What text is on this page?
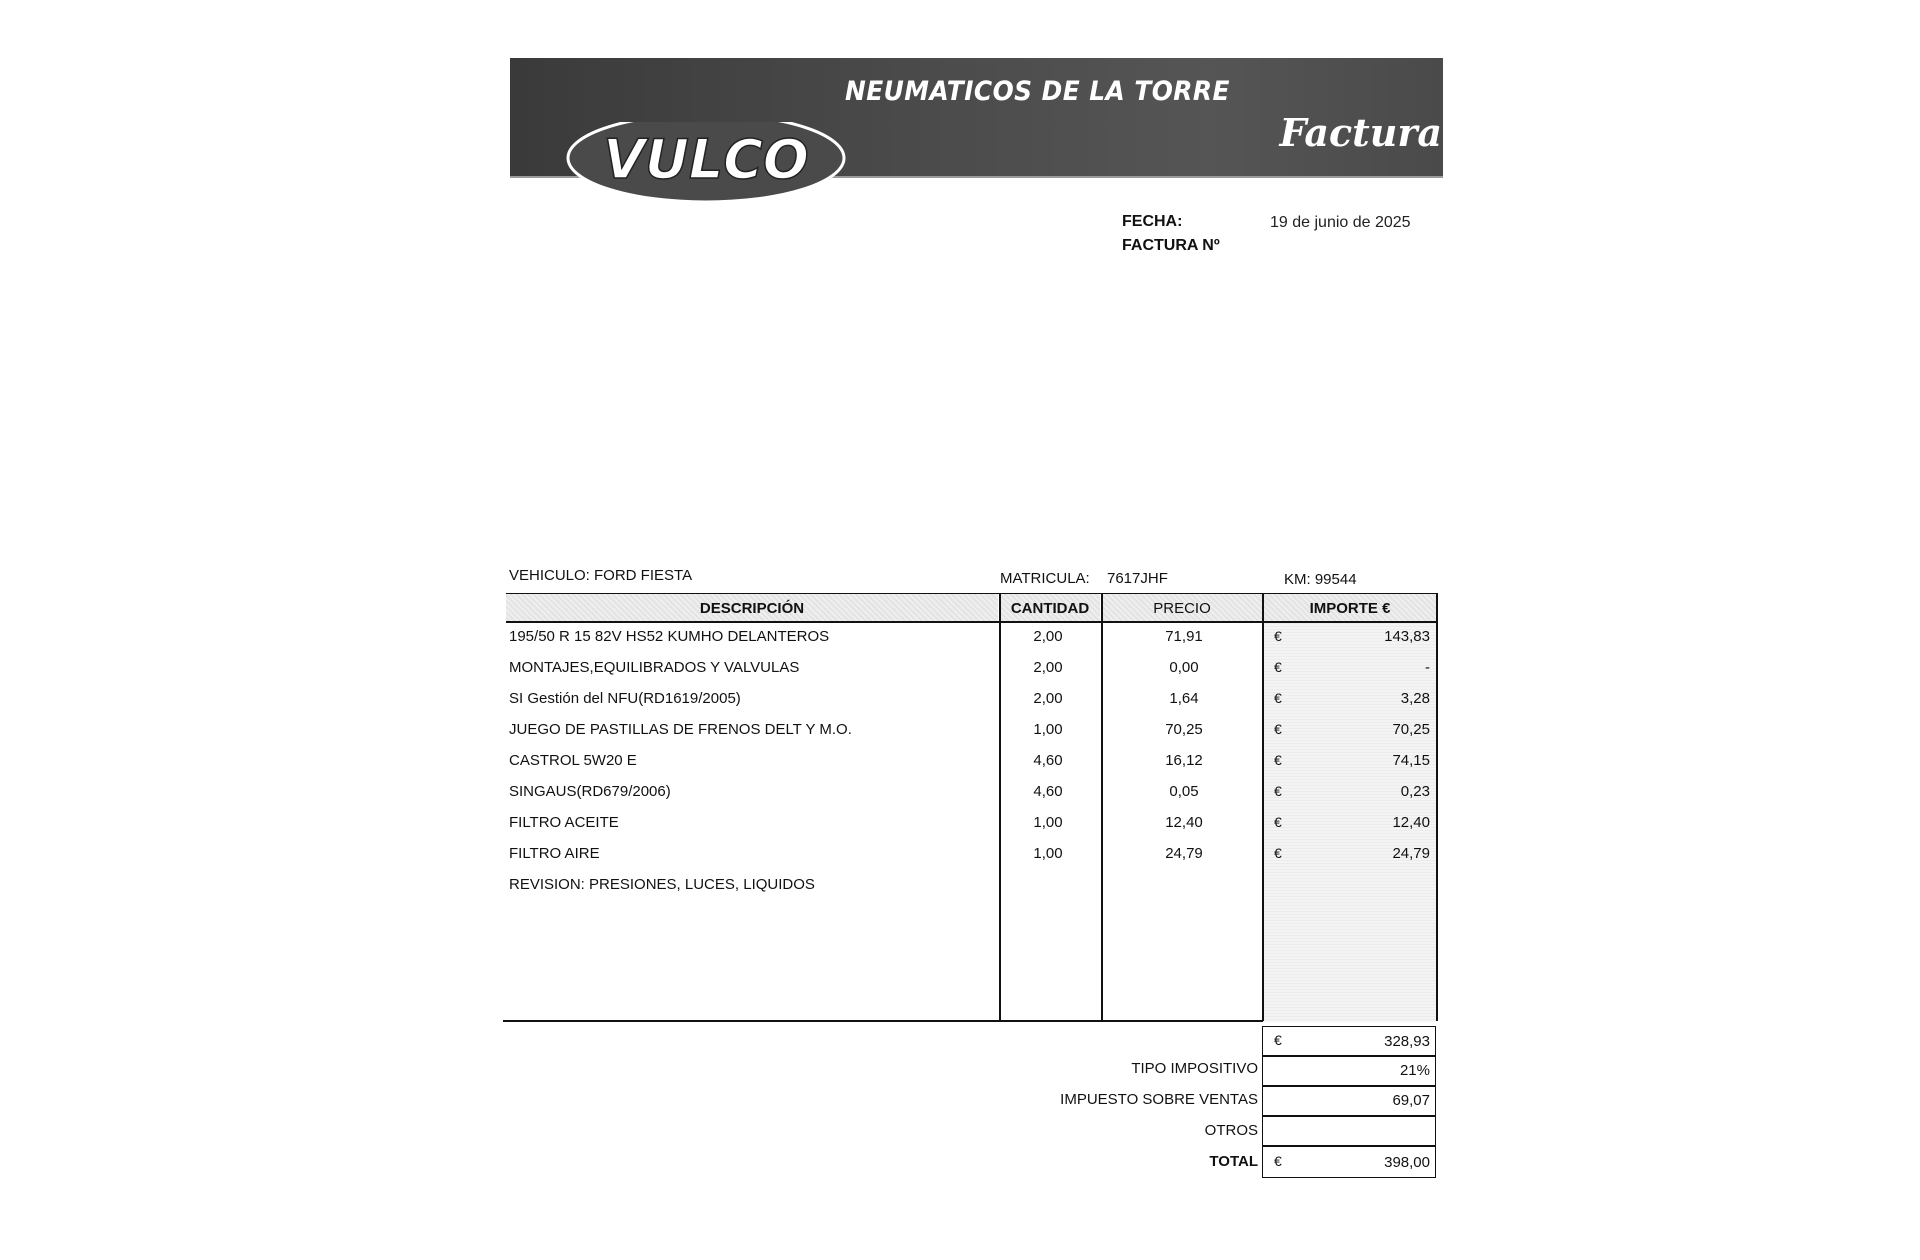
NEUMATICOS DE LA TORRE
Factura
VULCO
FECHA:	19 de junio de 2025
FACTURA Nº
VEHICULO: FORD FIESTA	MATRICULA: 7617JHF	KM: 99544
DESCRIPCIÓN	CANTIDAD	PRECIO	IMPORTE €
195/50 R 15 82V HS52 KUMHO DELANTEROS	2,00	71,91	€	143,83
MONTAJES,EQUILIBRADOS Y VALVULAS	2,00	0,00	€	-
SI Gestión del NFU(RD1619/2005)	2,00	1,64	€	3,28
JUEGO DE PASTILLAS DE FRENOS DELT Y M.O.	1,00	70,25	€	70,25
CASTROL 5W20 E	4,60	16,12	€	74,15
SINGAUS(RD679/2006)	4,60	0,05	€	0,23
FILTRO ACEITE	1,00	12,40	€	12,40
FILTRO AIRE	1,00	24,79	€	24,79
REVISION: PRESIONES, LUCES, LIQUIDOS
€	328,93
TIPO IMPOSITIVO	21%
IMPUESTO SOBRE VENTAS	69,07
OTROS
TOTAL €	398,00
